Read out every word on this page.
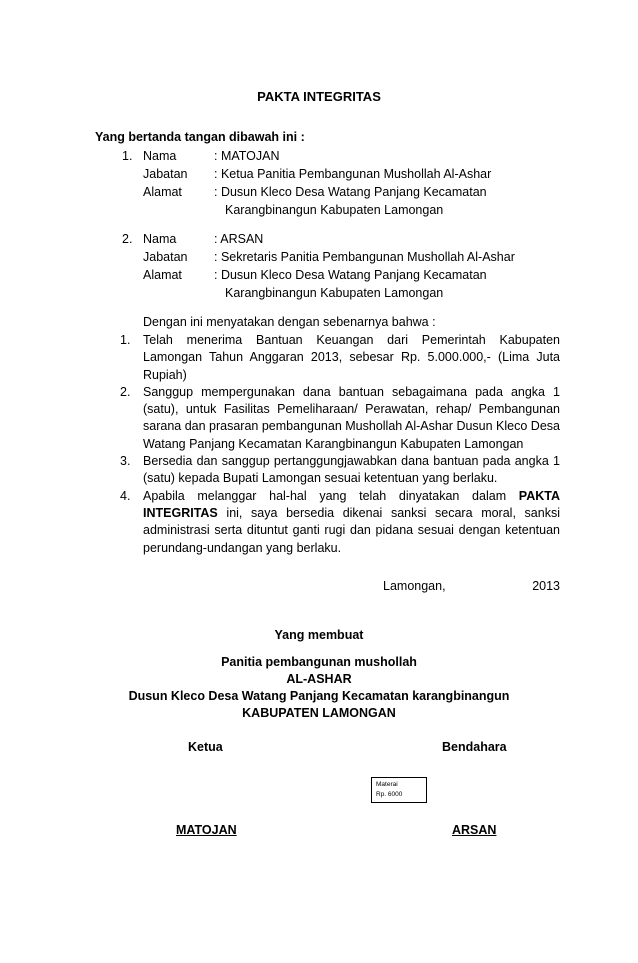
PAKTA INTEGRITAS
Yang bertanda tangan dibawah ini :
1. Nama	: MATOJAN
Jabatan : Ketua Panitia Pembangunan Mushollah Al-Ashar
Alamat	: Dusun Kleco Desa Watang Panjang Kecamatan
Karangbinangun Kabupaten Lamongan
2. Nama	: ARSAN
Jabatan : Sekretaris Panitia Pembangunan Mushollah Al-Ashar
Alamat	: Dusun Kleco Desa Watang Panjang Kecamatan
Karangbinangun Kabupaten Lamongan
Dengan ini menyatakan dengan sebenarnya bahwa :
1. Telah menerima Bantuan Keuangan dari Pemerintah Kabupaten Lamongan Tahun Anggaran 2013, sebesar Rp. 5.000.000,- (Lima Juta Rupiah)
2. Sanggup mempergunakan dana bantuan sebagaimana pada angka 1 (satu), untuk Fasilitas Pemeliharaan/ Perawatan, rehap/ Pembangunan sarana dan prasaran pembangunan Mushollah Al-Ashar Dusun Kleco Desa Watang Panjang Kecamatan Karangbinangun Kabupaten Lamongan
3. Bersedia dan sanggup pertanggungjawabkan dana bantuan pada angka 1 (satu) kepada Bupati Lamongan sesuai ketentuan yang berlaku.
4. Apabila melanggar hal-hal yang telah dinyatakan dalam PAKTA INTEGRITAS ini, saya bersedia dikenai sanksi secara moral, sanksi administrasi serta dituntut ganti rugi dan pidana sesuai dengan ketentuan perundang-undangan yang berlaku.
Lamongan,	2013
Yang membuat
Panitia pembangunan mushollah
AL-ASHAR
Dusun Kleco Desa Watang Panjang Kecamatan karangbinangun
KABUPATEN LAMONGAN
Ketua	Bendahara
Materai
Rp. 6000
MATOJAN	ARSAN
